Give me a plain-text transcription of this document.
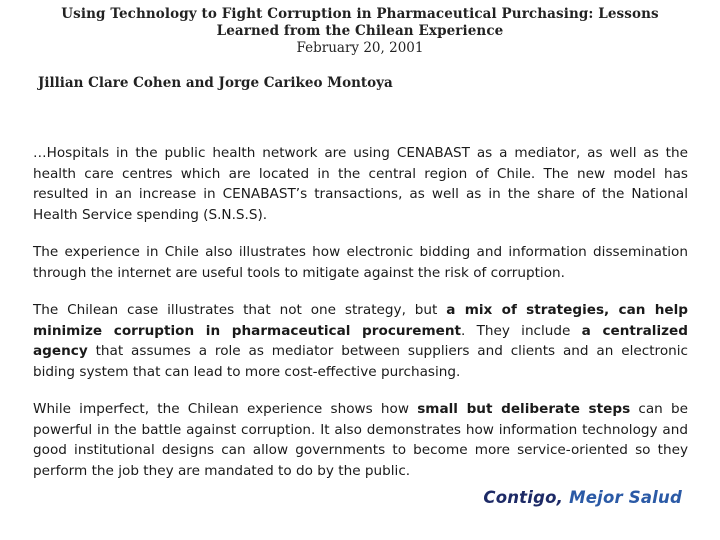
Using Technology to Fight Corruption in Pharmaceutical Purchasing: Lessons
Learned from the Chilean Experience
February 20, 2001
Jillian Clare Cohen and Jorge Carikeo Montoya

…Hospitals in the public health network are using CENABAST as a mediator, as well as the health care centres which are located in the central region of Chile. The new model has resulted in an increase in CENABAST’s transactions, as well as in the share of the National Health Service spending (S.N.S.S).

The experience in Chile also illustrates how electronic bidding and information dissemination through the internet are useful tools to mitigate against the risk of corruption.

The Chilean case illustrates that not one strategy, but a mix of strategies, can help minimize corruption in pharmaceutical procurement. They include a centralized agency that assumes a role as mediator between suppliers and clients and an electronic biding system that can lead to more cost-effective purchasing.

While imperfect, the Chilean experience shows how small but deliberate steps can be powerful in the battle against corruption. It also demonstrates how information technology and good institutional designs can allow governments to become more service-oriented so they perform the job they are mandated to do by the public.

Contigo, Mejor Salud
